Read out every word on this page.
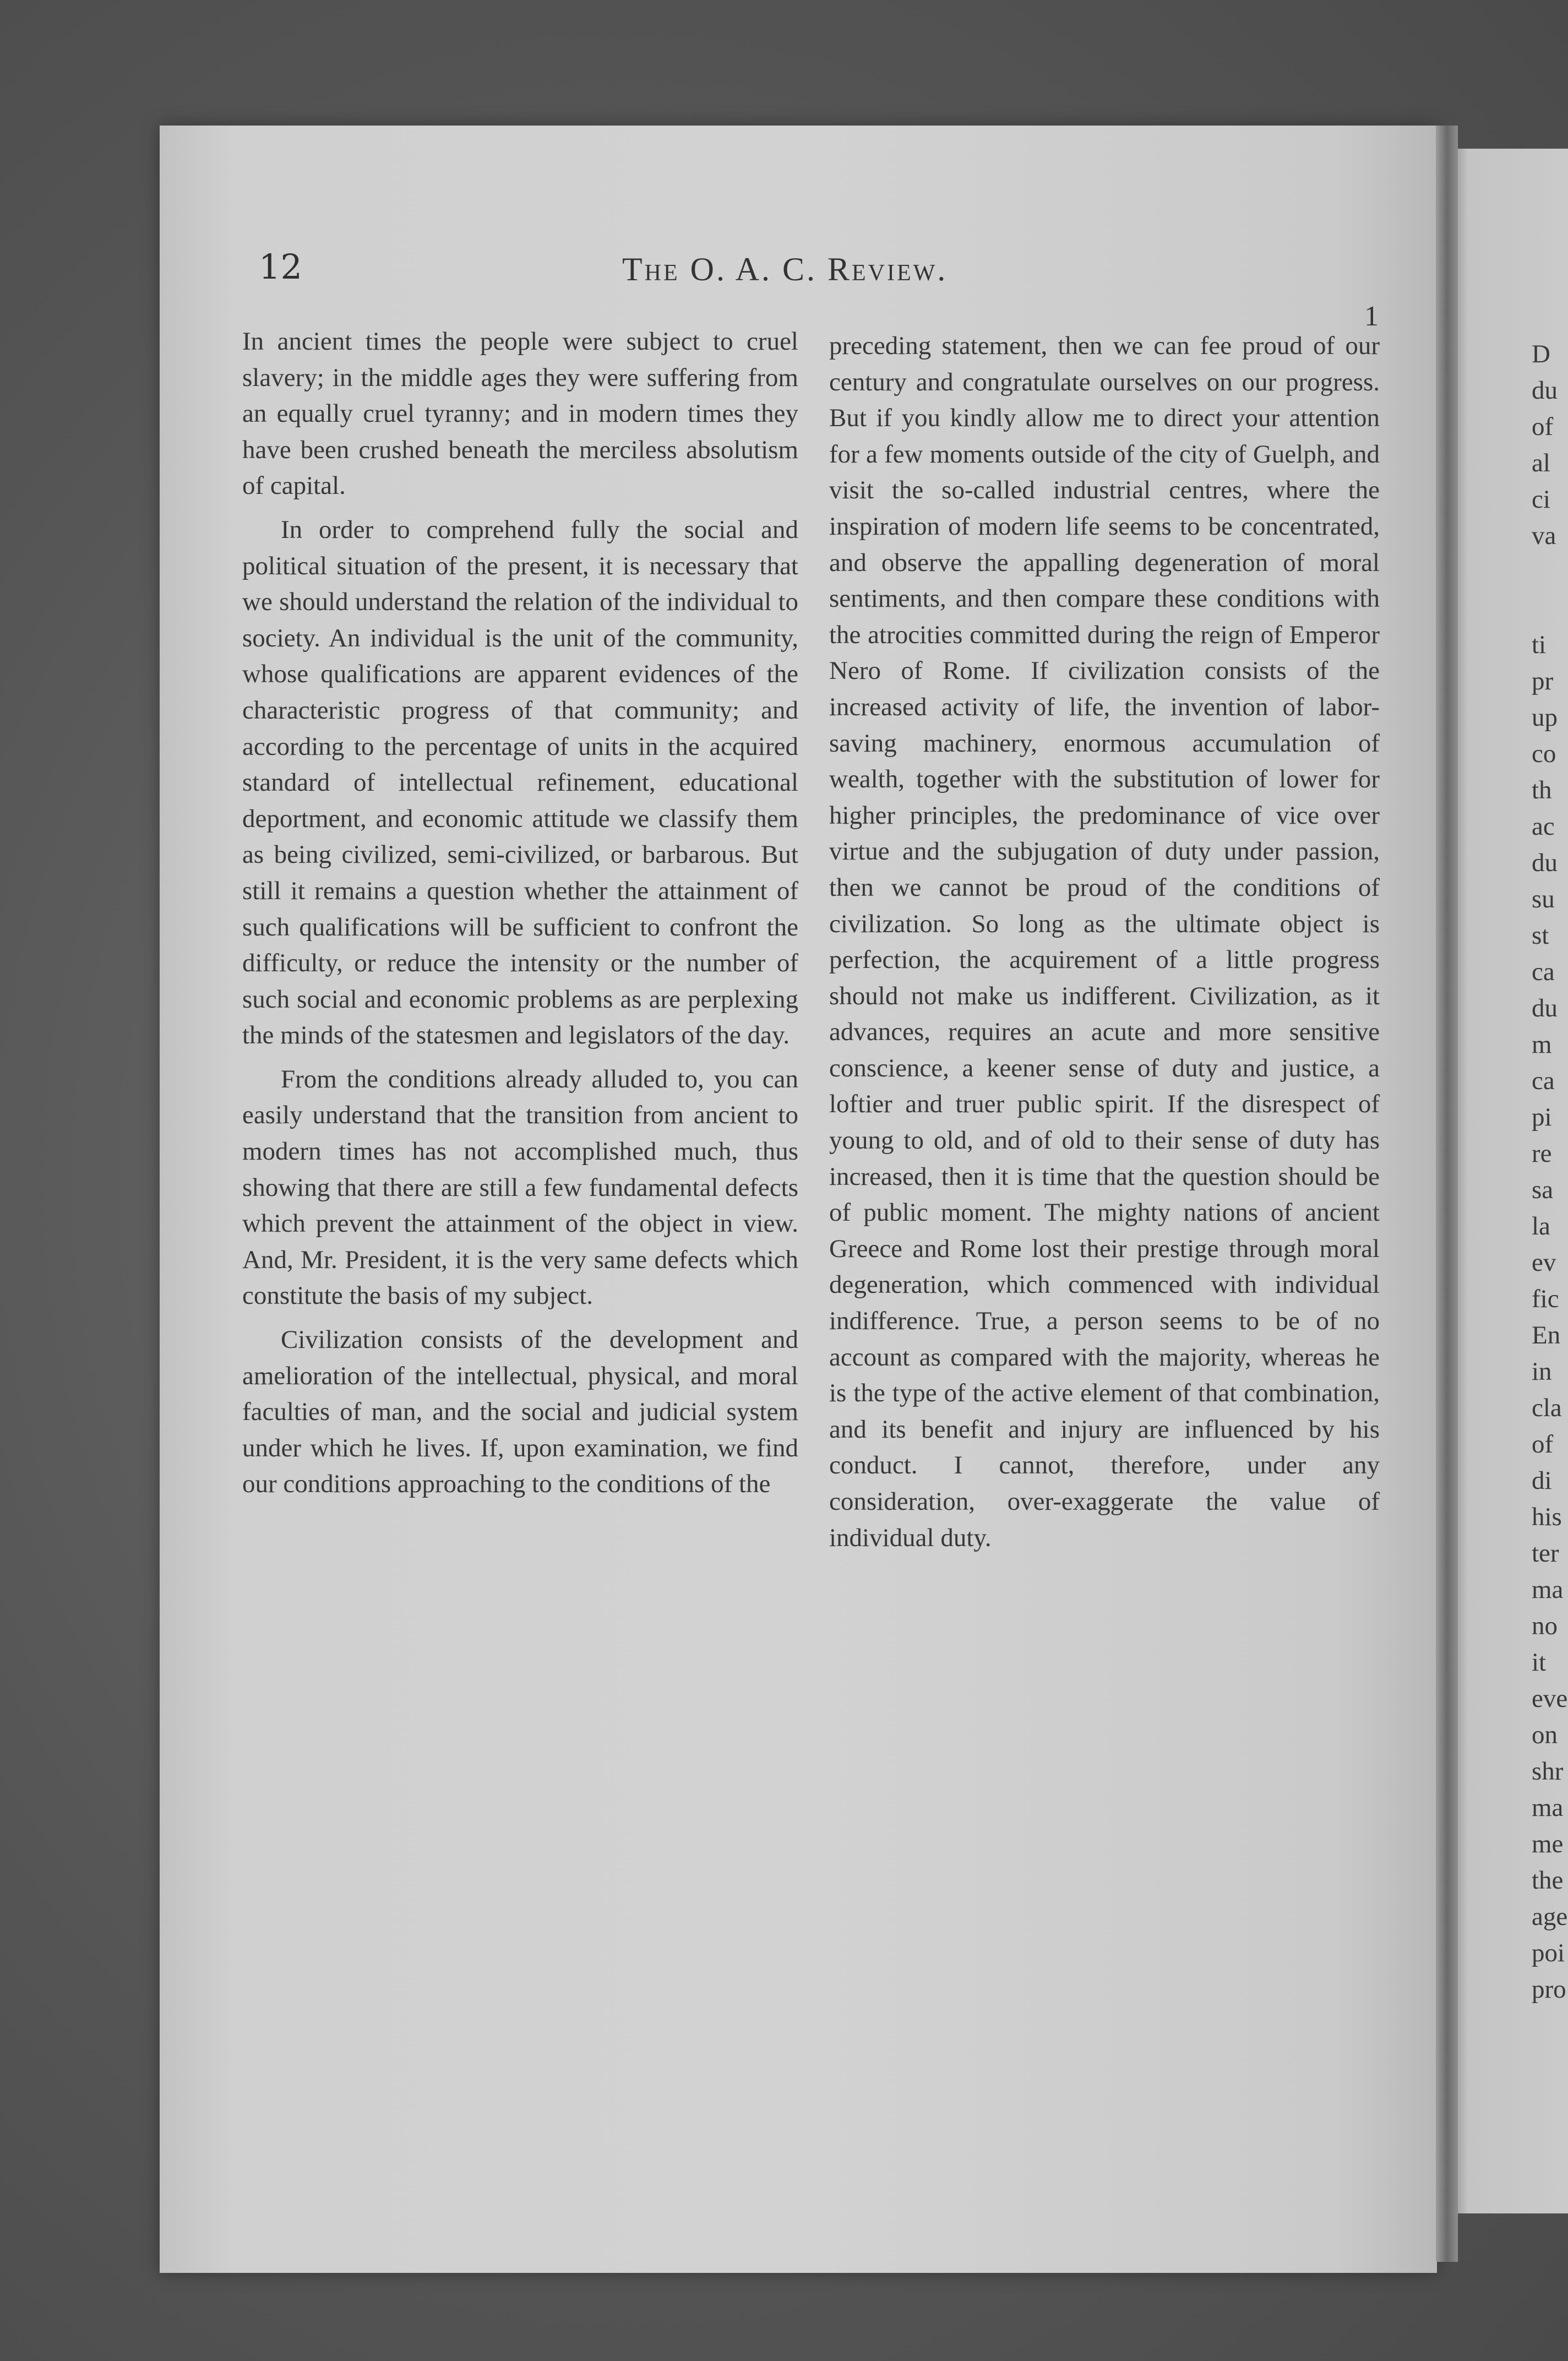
12	The O. A. C. Review.
1

In ancient times the people were subject to cruel slavery; in the middle ages they were suffering from an equally cruel tyranny; and in modern times they have been crushed beneath the merciless absolutism of capital.

In order to comprehend fully the social and political situation of the present, it is necessary that we should understand the relation of the individual to society. An individual is the unit of the community, whose qualifications are apparent evidences of the characteristic progress of that community; and according to the percentage of units in the acquired standard of intellectual refinement, educational deportment, and economic attitude we classify them as being civilized, semi-civilized, or barbarous. But still it remains a question whether the attainment of such qualifications will be sufficient to confront the difficulty, or reduce the intensity or the number of such social and economic problems as are perplexing the minds of the statesmen and legislators of the day.

From the conditions already alluded to, you can easily understand that the transition from ancient to modern times has not accomplished much, thus showing that there are still a few fundamental defects which prevent the attainment of the object in view. And, Mr. President, it is the very same defects which constitute the basis of my subject.

Civilization consists of the development and amelioration of the intellectual, physical, and moral faculties of man, and the social and judicial system under which he lives. If, upon examination, we find our conditions approaching to the conditions of the

preceding statement, then we can fee proud of our century and congratulate ourselves on our progress. But if you kindly allow me to direct your attention for a few moments outside of the city of Guelph, and visit the so-called industrial centres, where the inspiration of modern life seems to be concentrated, and observe the appalling degeneration of moral sentiments, and then compare these conditions with the atrocities committed during the reign of Emperor Nero of Rome. If civilization consists of the increased activity of life, the invention of labor-saving machinery, enormous accumulation of wealth, together with the substitution of lower for higher principles, the predominance of vice over virtue and the subjugation of duty under passion, then we cannot be proud of the conditions of civilization. So long as the ultimate object is perfection, the acquirement of a little progress should not make us indifferent. Civilization, as it advances, requires an acute and more sensitive conscience, a keener sense of duty and justice, a loftier and truer public spirit. If the disrespect of young to old, and of old to their sense of duty has increased, then it is time that the question should be of public moment. The mighty nations of ancient Greece and Rome lost their prestige through moral degeneration, which commenced with individual indifference. True, a person seems to be of no account as compared with the majority, whereas he is the type of the active element of that combination, and its benefit and injury are influenced by his conduct. I cannot, therefore, under any consideration, over-exaggerate the value of individual duty.

D
du
of
al
ci
va
ti
pr
up
co
th
ac
du
su
st
ca
du
m
ca
pi
re
sa
la
ev
fic
En
in
cla
of
di
his
ter
ma
no
it
eve
on
shr
ma
me
the
age
poi
pro
